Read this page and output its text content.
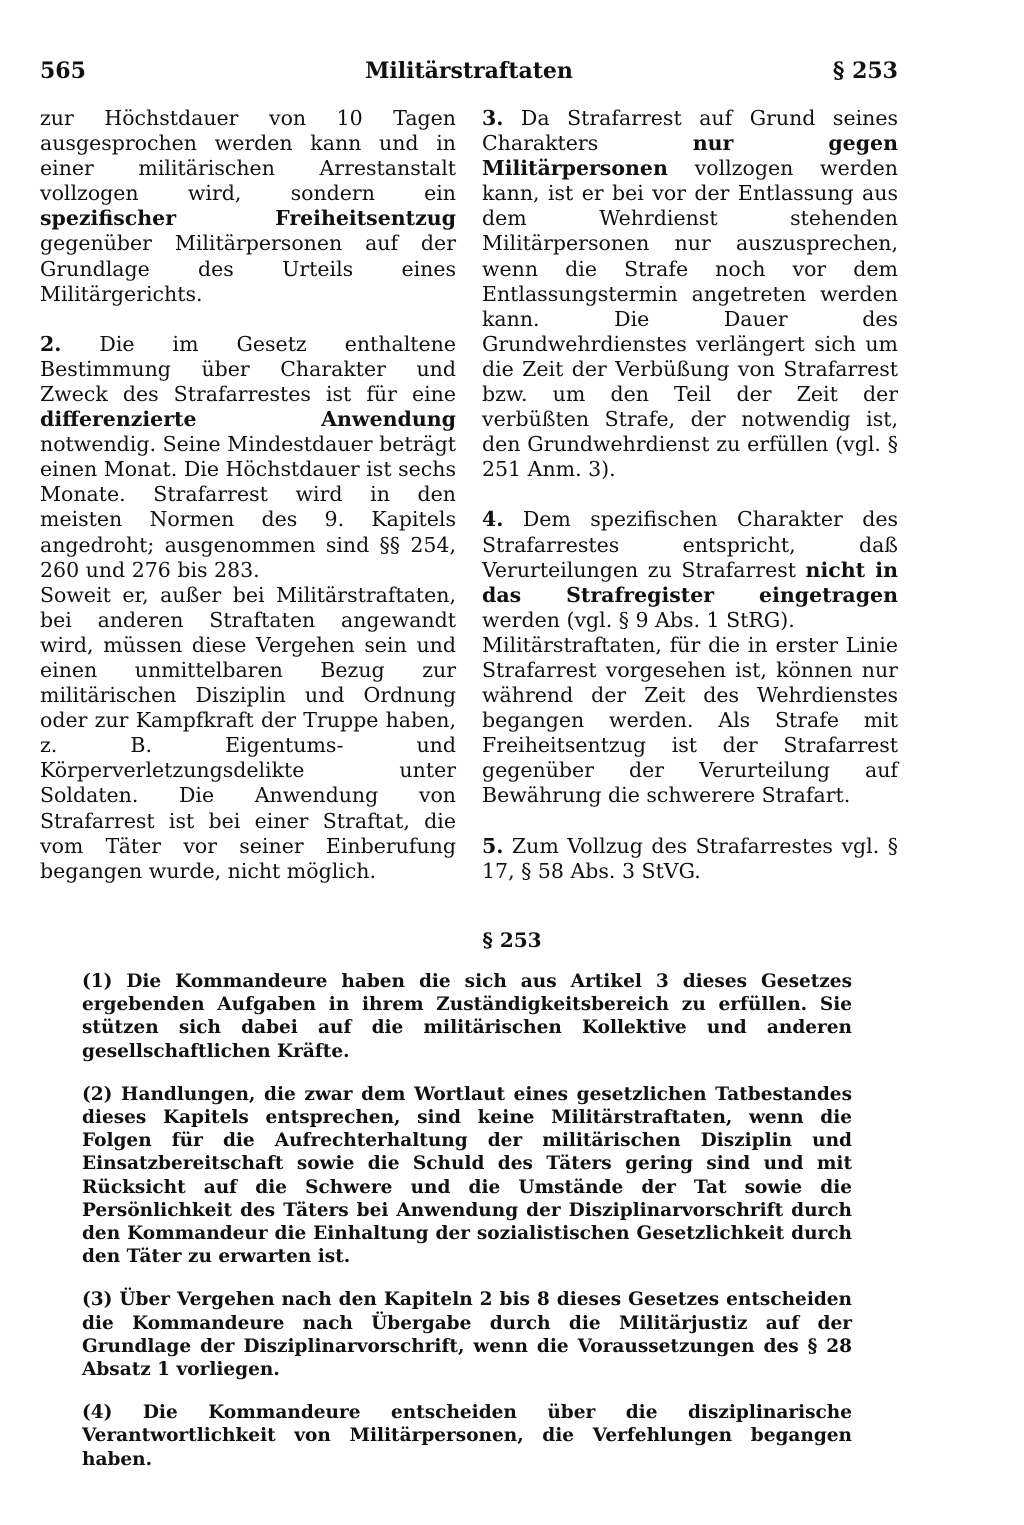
565	Militärstraftaten	§ 253

zur Höchstdauer von 10 Tagen ausgesprochen werden kann und in einer militärischen Arrestanstalt vollzogen wird, sondern ein spezifischer Freiheitsentzug gegenüber Militärpersonen auf der Grundlage des Urteils eines Militärgerichts.

2. Die im Gesetz enthaltene Bestimmung über Charakter und Zweck des Strafarrestes ist für eine differenzierte Anwendung notwendig. Seine Mindestdauer beträgt einen Monat. Die Höchstdauer ist sechs Monate. Strafarrest wird in den meisten Normen des 9. Kapitels angedroht; ausgenommen sind §§ 254, 260 und 276 bis 283.

Soweit er, außer bei Militärstraftaten, bei anderen Straftaten angewandt wird, müssen diese Vergehen sein und einen unmittelbaren Bezug zur militärischen Disziplin und Ordnung oder zur Kampfkraft der Truppe haben, z. B. Eigentums- und Körperverletzungsdelikte unter Soldaten. Die Anwendung von Strafarrest ist bei einer Straftat, die vom Täter vor seiner Einberufung begangen wurde, nicht möglich.

3. Da Strafarrest auf Grund seines Charakters nur gegen Militärpersonen vollzogen werden kann, ist er bei vor der Entlassung aus dem Wehrdienst stehenden Militärpersonen nur auszusprechen, wenn die Strafe noch vor dem Entlassungstermin angetreten werden kann. Die Dauer des Grundwehrdienstes verlängert sich um die Zeit der Verbüßung von Strafarrest bzw. um den Teil der Zeit der verbüßten Strafe, der notwendig ist, den Grundwehrdienst zu erfüllen (vgl. § 251 Anm. 3).

4. Dem spezifischen Charakter des Strafarrestes entspricht, daß Verurteilungen zu Strafarrest nicht in das Strafregister eingetragen werden (vgl. § 9 Abs. 1 StRG).

Militärstraftaten, für die in erster Linie Strafarrest vorgesehen ist, können nur während der Zeit des Wehrdienstes begangen werden. Als Strafe mit Freiheitsentzug ist der Strafarrest gegenüber der Verurteilung auf Bewährung die schwerere Strafart.

5. Zum Vollzug des Strafarrestes vgl. § 17, § 58 Abs. 3 StVG.

§ 253

(1) Die Kommandeure haben die sich aus Artikel 3 dieses Gesetzes ergebenden Aufgaben in ihrem Zuständigkeitsbereich zu erfüllen. Sie stützen sich dabei auf die militärischen Kollektive und anderen gesellschaftlichen Kräfte.

(2) Handlungen, die zwar dem Wortlaut eines gesetzlichen Tatbestandes dieses Kapitels entsprechen, sind keine Militärstraftaten, wenn die Folgen für die Aufrechterhaltung der militärischen Disziplin und Einsatzbereitschaft sowie die Schuld des Täters gering sind und mit Rücksicht auf die Schwere und die Umstände der Tat sowie die Persönlichkeit des Täters bei Anwendung der Disziplinarvorschrift durch den Kommandeur die Einhaltung der sozialistischen Gesetzlichkeit durch den Täter zu erwarten ist.

(3) Über Vergehen nach den Kapiteln 2 bis 8 dieses Gesetzes entscheiden die Kommandeure nach Übergabe durch die Militärjustiz auf der Grundlage der Disziplinarvorschrift, wenn die Voraussetzungen des § 28 Absatz 1 vorliegen.

(4) Die Kommandeure entscheiden über die disziplinarische Verantwortlichkeit von Militärpersonen, die Verfehlungen begangen haben.
